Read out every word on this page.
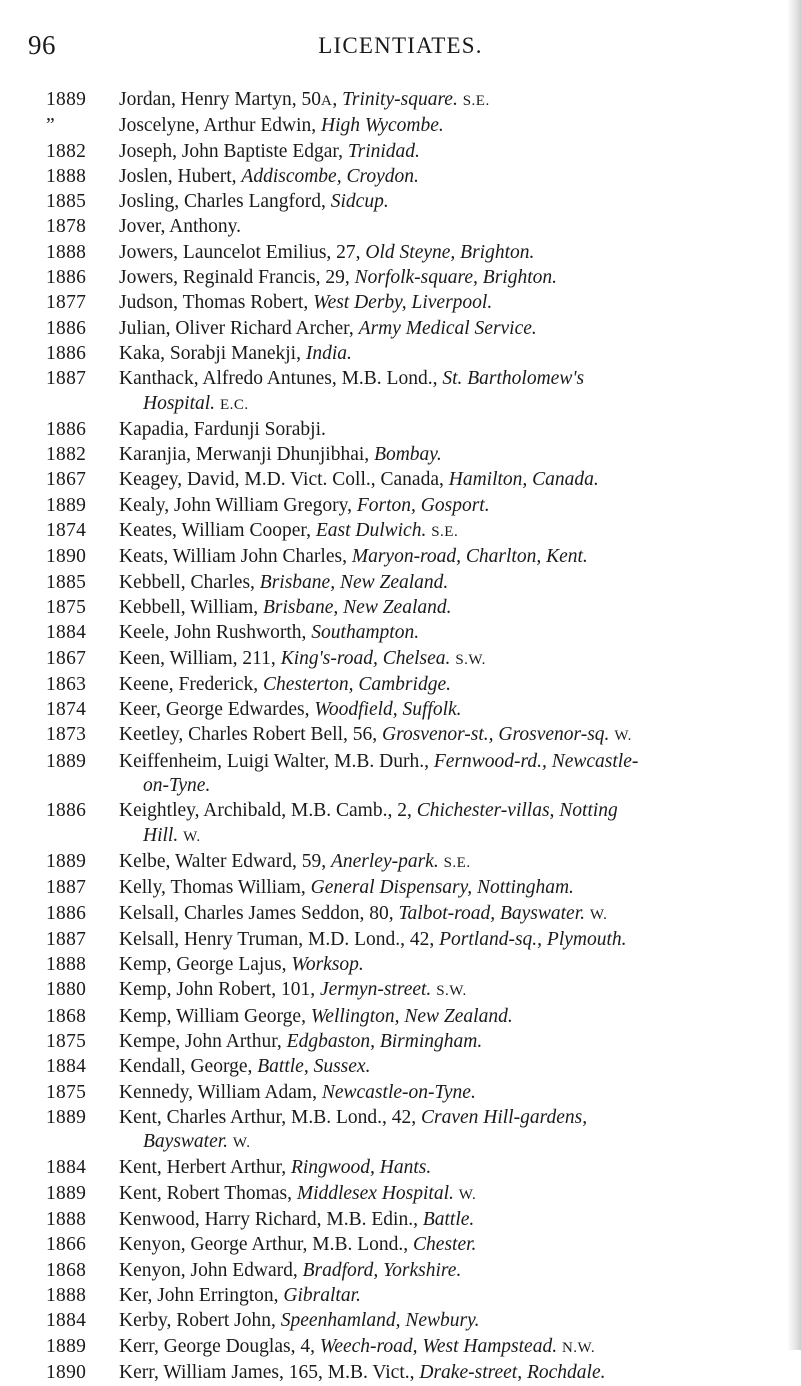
96	LICENTIATES.
1889	Jordan, Henry Martyn, 50A, Trinity-square. S.E.
”	Joscelyne, Arthur Edwin, High Wycombe.
1882	Joseph, John Baptiste Edgar, Trinidad.
1888	Joslen, Hubert, Addiscombe, Croydon.
1885	Josling, Charles Langford, Sidcup.
1878	Jover, Anthony.
1888	Jowers, Launcelot Emilius, 27, Old Steyne, Brighton.
1886	Jowers, Reginald Francis, 29, Norfolk-square, Brighton.
1877	Judson, Thomas Robert, West Derby, Liverpool.
1886	Julian, Oliver Richard Archer, Army Medical Service.
1886	Kaka, Sorabji Manekji, India.
1887	Kanthack, Alfredo Antunes, M.B. Lond., St. Bartholomew's
Hospital. E.C.
1886	Kapadia, Fardunji Sorabji.
1882	Karanjia, Merwanji Dhunjibhai, Bombay.
1867	Keagey, David, M.D. Vict. Coll., Canada, Hamilton, Canada.
1889	Kealy, John William Gregory, Forton, Gosport.
1874	Keates, William Cooper, East Dulwich. S.E.
1890	Keats, William John Charles, Maryon-road, Charlton, Kent.
1885	Kebbell, Charles, Brisbane, New Zealand.
1875	Kebbell, William, Brisbane, New Zealand.
1884	Keele, John Rushworth, Southampton.
1867	Keen, William, 211, King's-road, Chelsea. S.W.
1863	Keene, Frederick, Chesterton, Cambridge.
1874	Keer, George Edwardes, Woodfield, Suffolk.
1873	Keetley, Charles Robert Bell, 56, Grosvenor-st., Grosvenor-sq. W.
1889	Keiffenheim, Luigi Walter, M.B. Durh., Fernwood-rd., Newcastle-
on-Tyne.
1886	Keightley, Archibald, M.B. Camb., 2, Chichester-villas, Notting
Hill. W.
1889	Kelbe, Walter Edward, 59, Anerley-park. S.E.
1887	Kelly, Thomas William, General Dispensary, Nottingham.
1886	Kelsall, Charles James Seddon, 80, Talbot-road, Bayswater. W.
1887	Kelsall, Henry Truman, M.D. Lond., 42, Portland-sq., Plymouth.
1888	Kemp, George Lajus, Worksop.
1880	Kemp, John Robert, 101, Jermyn-street. S.W.
1868	Kemp, William George, Wellington, New Zealand.
1875	Kempe, John Arthur, Edgbaston, Birmingham.
1884	Kendall, George, Battle, Sussex.
1875	Kennedy, William Adam, Newcastle-on-Tyne.
1889	Kent, Charles Arthur, M.B. Lond., 42, Craven Hill-gardens,
Bayswater. W.
1884	Kent, Herbert Arthur, Ringwood, Hants.
1889	Kent, Robert Thomas, Middlesex Hospital. W.
1888	Kenwood, Harry Richard, M.B. Edin., Battle.
1866	Kenyon, George Arthur, M.B. Lond., Chester.
1868	Kenyon, John Edward, Bradford, Yorkshire.
1888	Ker, John Errington, Gibraltar.
1884	Kerby, Robert John, Speenhamland, Newbury.
1889	Kerr, George Douglas, 4, Weech-road, West Hampstead. N.W.
1890	Kerr, William James, 165, M.B. Vict., Drake-street, Rochdale.
